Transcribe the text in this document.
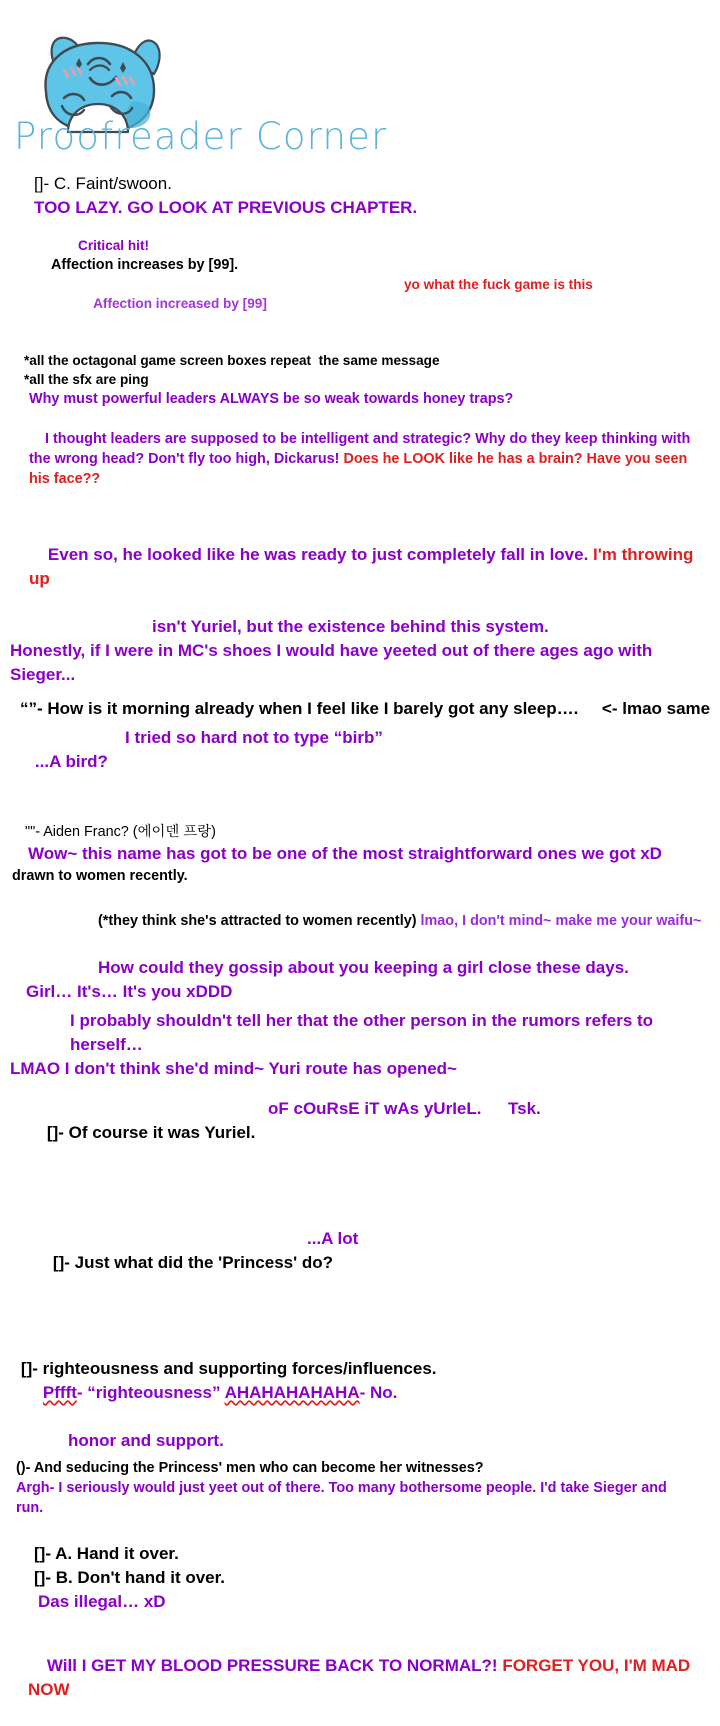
Proofreader Corner
[]- C. Faint/swoon.
TOO LAZY. GO LOOK AT PREVIOUS CHAPTER.
Critical hit!
Affection increases by [99].

Affection increased by [99]

yo what the fuck game is this

*all the octagonal game screen boxes repeat  the same message
*all the sfx are ping
Why must powerful leaders ALWAYS be so weak towards honey traps?

I thought leaders are supposed to be intelligent and strategic? Why do they keep thinking with the wrong head? Don't fly too high, Dickarus! Does he LOOK like he has a brain? Have you seen his face??

Even so, he looked like he was ready to just completely fall in love. I'm throwing up

isn't Yuriel, but the existence behind this system.
Honestly, if I were in MC's shoes I would have yeeted out of there ages ago with Sieger...
“”- How is it morning already when I feel like I barely got any sleep….     <- lmao same

...A bird?

I tried so hard not to type “birb”

""- Aiden Franc? (에이덴 프랑)
Wow~ this name has got to be one of the most straightforward ones we got xD
drawn to women recently.

(*they think she's attracted to women recently) lmao, I don't mind~ make me your waifu~

How could they gossip about you keeping a girl close these days.
Girl… It's… It's you xDDD
I probably shouldn't tell her that the other person in the rumors refers to herself…
LMAO I don't think she'd mind~ Yuri route has opened~

[]- Of course it was Yuriel.

oF cOuRsE iT wAs yUrIeL.

Tsk.

[]- Just what did the 'Princess' do?

...A lot

[]- righteousness and supporting forces/influences.
Pffft- “righteousness” AHAHAHAHAHA- No.

honor and support.
()- And seducing the Princess' men who can become her witnesses?
Argh- I seriously would just yeet out of there. Too many bothersome people. I'd take Sieger and run.
[]- A. Hand it over.
[]- B. Don't hand it over.
Das illegal… xD

Will I GET MY BLOOD PRESSURE BACK TO NORMAL?! FORGET YOU, I'M MAD NOW
